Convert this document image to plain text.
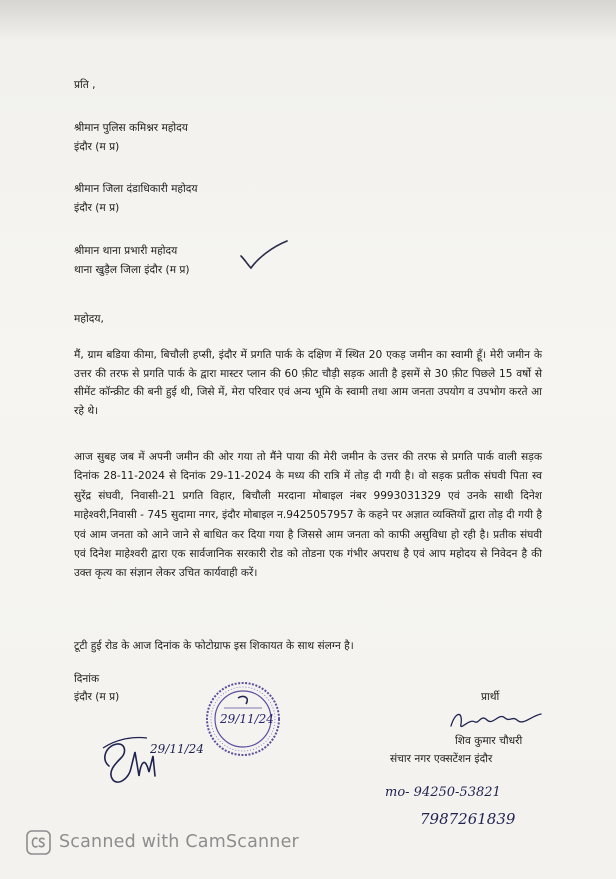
प्रति ,
श्रीमान पुलिस कमिश्नर महोदय
इंदौर (म प्र)
श्रीमान जिला दंडाधिकारी महोदय
इंदौर (म प्र)
श्रीमान थाना प्रभारी महोदय
थाना खुड़ैल जिला इंदौर (म प्र)
महोदय,
मैं, ग्राम बडिया कीमा, बिचौली हप्सी, इंदौर में प्रगति पार्क के दक्षिण में स्थित 20 एकड़ जमीन का स्वामी हूँ। मेरी जमीन के उत्तर की तरफ से प्रगति पार्क के द्वारा मास्टर प्लान की 60 फ़ीट चौड़ी सड़क आती है इसमें से 30 फ़ीट पिछले 15 वर्षो से सीमेंट कॉन्क्रीट की बनी हुई थी, जिसे में, मेरा परिवार एवं अन्य भूमि के स्वामी तथा आम जनता उपयोग व उपभोग करते आ रहे थे।
आज सुबह जब में अपनी जमीन की ओर गया तो मैंने पाया की मेरी जमीन के उत्तर की तरफ से प्रगति पार्क वाली सड़क दिनांक 28-11-2024 से दिनांक 29-11-2024 के मध्य की रात्रि में तोड़ दी गयी है। वो सड़क प्रतीक संघवी पिता स्व सुरेंद्र संघवी, निवासी-21 प्रगति विहार, बिचौली मरदाना मोबाइल नंबर 9993031329 एवं उनके साथी दिनेश माहेश्वरी,निवासी - 745 सुदामा नगर, इंदौर मोबाइल न.9425057957 के कहने पर अज्ञात व्यक्तियों द्वारा तोड़ दी गयी है एवं आम जनता को आने जाने से बाधित कर दिया गया है जिससे आम जनता को काफी असुविधा हो रही है। प्रतीक संघवी एवं दिनेश माहेश्वरी द्वारा एक सार्वजानिक सरकारी रोड को तोडना एक गंभीर अपराध है एवं आप महोदय से निवेदन है की उक्त कृत्य का संज्ञान लेकर उचित कार्यवाही करें।
टूटी हुई रोड के आज दिनांक के फोटोग्राफ इस शिकायत के साथ संलग्न है।
दिनांक
इंदौर (म प्र)
29/11/24
29/11/24
प्रार्थी
शिव कुमार चौधरी
संचार नगर एक्सटेंशन इंदौर
mo- 94250-53821
7987261839
Scanned with CamScanner
